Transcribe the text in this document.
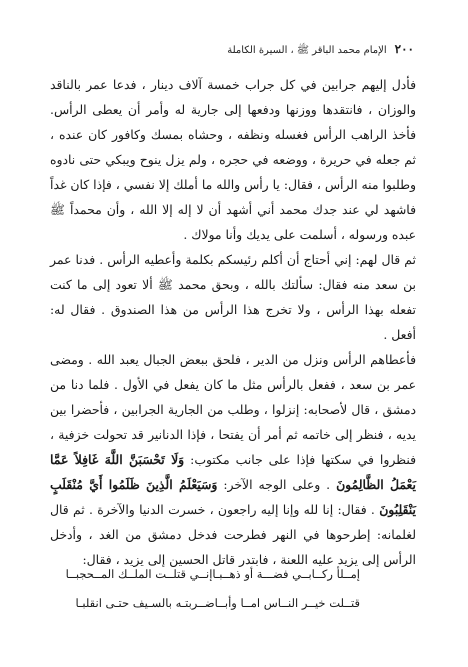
٢٠٠
الإمام محمد الباقر ﷺ ، السيرة الكاملة

فأدل إليهم جرابين في كل جراب خمسة آلاف دينار ، فدعا عمر بالناقد والوزان ، فانتقدها ووزنها ودفعها إلى جارية له وأمر أن يعطى الرأس. فأخذ الراهب الرأس فغسله ونظفه ، وحشاه بمسك وكافور كان عنده ، ثم جعله في حريرة ، ووضعه في حجره ، ولم يزل ينوح ويبكي حتى نادوه وطلبوا منه الرأس ، فقال: يا رأس والله ما أملك إلا نفسي ، فإذا كان غداً فاشهد لي عند جدك محمد أني أشهد أن لا إله إلا الله ، وأن محمداً ﷺ عبده ورسوله ، أسلمت على يديك وأنا مولاك .

ثم قال لهم: إني أحتاج أن أكلم رئيسكم بكلمة وأعطيه الرأس . فدنا عمر بن سعد منه فقال: سألتك بالله ، وبحق محمد ﷺ ألا تعود إلى ما كنت تفعله بهذا الرأس ، ولا تخرج هذا الرأس من هذا الصندوق . فقال له: أفعل .

فأعطاهم الرأس ونزل من الدير ، فلحق ببعض الجبال يعبد الله . ومضى عمر بن سعد ، ففعل بالرأس مثل ما كان يفعل في الأول . فلما دنا من دمشق ، قال لأصحابه: إنزلوا ، وطلب من الجارية الجرابين ، فأحضرا بين يديه ، فنظر إلى خاتمه ثم أمر أن يفتحا ، فإذا الدنانير قد تحولت خزفية ، فنظروا في سكتها فإذا على جانب مكتوب: وَلَا تَحْسَبَنَّ اللَّهَ غَافِلاً عَمَّا يَعْمَلُ الظَّالِمُونَ . وعلى الوجه الآخر: وَسَيَعْلَمُ الَّذِينَ ظَلَمُوا أَيَّ مُنْقَلَبٍ يَنْقَلِبُونَ . فقال: إنا لله وإنا إليه راجعون ، خسرت الدنيا والآخرة . ثم قال لغلمانه: إطرحوها في النهر فطرحت فدخل دمشق من الغد ، وأدخل الرأس إلى يزيد عليه اللعنة ، فابتدر قاتل الحسين إلى يزيد ، فقال:

إمــلأ ركــابــي فضـــة أو ذهــبـا
إنــي قتلــت الملــك المــحجبــا
قتــلت خيــر النــاس امــا وأبــا
ضــربتـه بالسـيف حتـى انقلبـا
